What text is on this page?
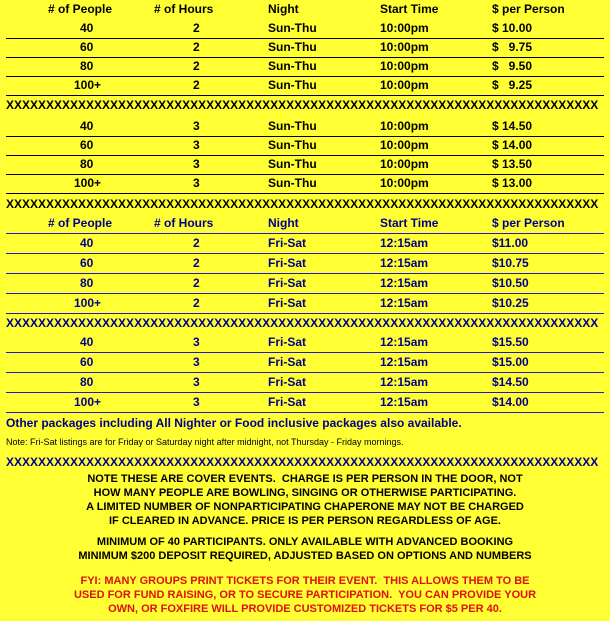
# of People	# of Hours	Night	Start Time	$ per Person
40	2	Sun-Thu	10:00pm	$ 10.00
60	2	Sun-Thu	10:00pm	$   9.75
80	2	Sun-Thu	10:00pm	$   9.50
100+	2	Sun-Thu	10:00pm	$   9.25
XXXXXXXXXXXXXXXXXXXXXXXXXXXXXXXXXXXXXXXXXXXXXXXXXXXXXXXXXXXXXXXXXXXXXXXXXX
40	3	Sun-Thu	10:00pm	$ 14.50
60	3	Sun-Thu	10:00pm	$ 14.00
80	3	Sun-Thu	10:00pm	$ 13.50
100+	3	Sun-Thu	10:00pm	$ 13.00
XXXXXXXXXXXXXXXXXXXXXXXXXXXXXXXXXXXXXXXXXXXXXXXXXXXXXXXXXXXXXXXXXXXXXXXXXX
# of People	# of Hours	Night	Start Time	$ per Person
40	2	Fri-Sat	12:15am	$11.00
60	2	Fri-Sat	12:15am	$10.75
80	2	Fri-Sat	12:15am	$10.50
100+	2	Fri-Sat	12:15am	$10.25
XXXXXXXXXXXXXXXXXXXXXXXXXXXXXXXXXXXXXXXXXXXXXXXXXXXXXXXXXXXXXXXXXXXXXXXXXX
40	3	Fri-Sat	12:15am	$15.50
60	3	Fri-Sat	12:15am	$15.00
80	3	Fri-Sat	12:15am	$14.50
100+	3	Fri-Sat	12:15am	$14.00
Other packages including All Nighter or Food inclusive packages also available.
Note: Fri-Sat listings are for Friday or Saturday night after midnight, not Thursday - Friday mornings.
XXXXXXXXXXXXXXXXXXXXXXXXXXXXXXXXXXXXXXXXXXXXXXXXXXXXXXXXXXXXXXXXXXXXXXXXXX
NOTE THESE ARE COVER EVENTS.  CHARGE IS PER PERSON IN THE DOOR, NOT
HOW MANY PEOPLE ARE BOWLING, SINGING OR OTHERWISE PARTICIPATING.
A LIMITED NUMBER OF NONPARTICIPATING CHAPERONE MAY NOT BE CHARGED
IF CLEARED IN ADVANCE. PRICE IS PER PERSON REGARDLESS OF AGE.
MINIMUM OF 40 PARTICIPANTS. ONLY AVAILABLE WITH ADVANCED BOOKING
MINIMUM $200 DEPOSIT REQUIRED, ADJUSTED BASED ON OPTIONS AND NUMBERS
FYI: MANY GROUPS PRINT TICKETS FOR THEIR EVENT.  THIS ALLOWS THEM TO BE
USED FOR FUND RAISING, OR TO SECURE PARTICIPATION.  YOU CAN PROVIDE YOUR
OWN, OR FOXFIRE WILL PROVIDE CUSTOMIZED TICKETS FOR $5 PER 40.
